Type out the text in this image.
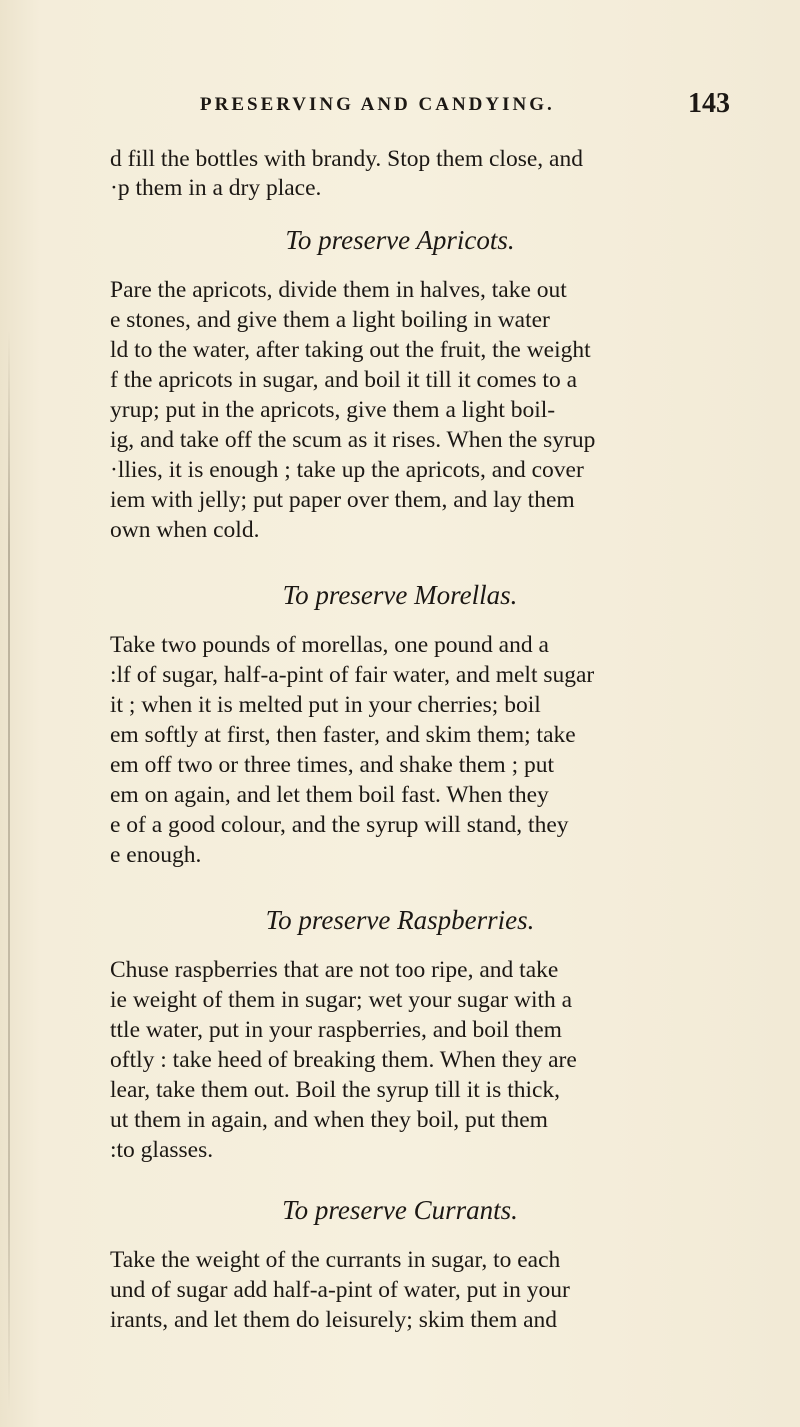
PRESERVING AND CANDYING.	143
d fill the bottles with brandy. Stop them close, and
·p them in a dry place.
To preserve Apricots.
Pare the apricots, divide them in halves, take out
e stones, and give them a light boiling in water
ld to the water, after taking out the fruit, the weight
f the apricots in sugar, and boil it till it comes to a
yrup; put in the apricots, give them a light boil-
ig, and take off the scum as it rises. When the syrup
·llies, it is enough ; take up the apricots, and cover
iem with jelly; put paper over them, and lay them
own when cold.
To preserve Morellas.
Take two pounds of morellas, one pound and a
:lf of sugar, half-a-pint of fair water, and melt sugar
it ; when it is melted put in your cherries; boil
em softly at first, then faster, and skim them; take
em off two or three times, and shake them ; put
em on again, and let them boil fast. When they
e of a good colour, and the syrup will stand, they
e enough.
To preserve Raspberries.
Chuse raspberries that are not too ripe, and take
ie weight of them in sugar; wet your sugar with a
ttle water, put in your raspberries, and boil them
oftly : take heed of breaking them. When they are
lear, take them out. Boil the syrup till it is thick,
ut them in again, and when they boil, put them
:to glasses.
To preserve Currants.
Take the weight of the currants in sugar, to each
und of sugar add half-a-pint of water, put in your
irants, and let them do leisurely; skim them and
